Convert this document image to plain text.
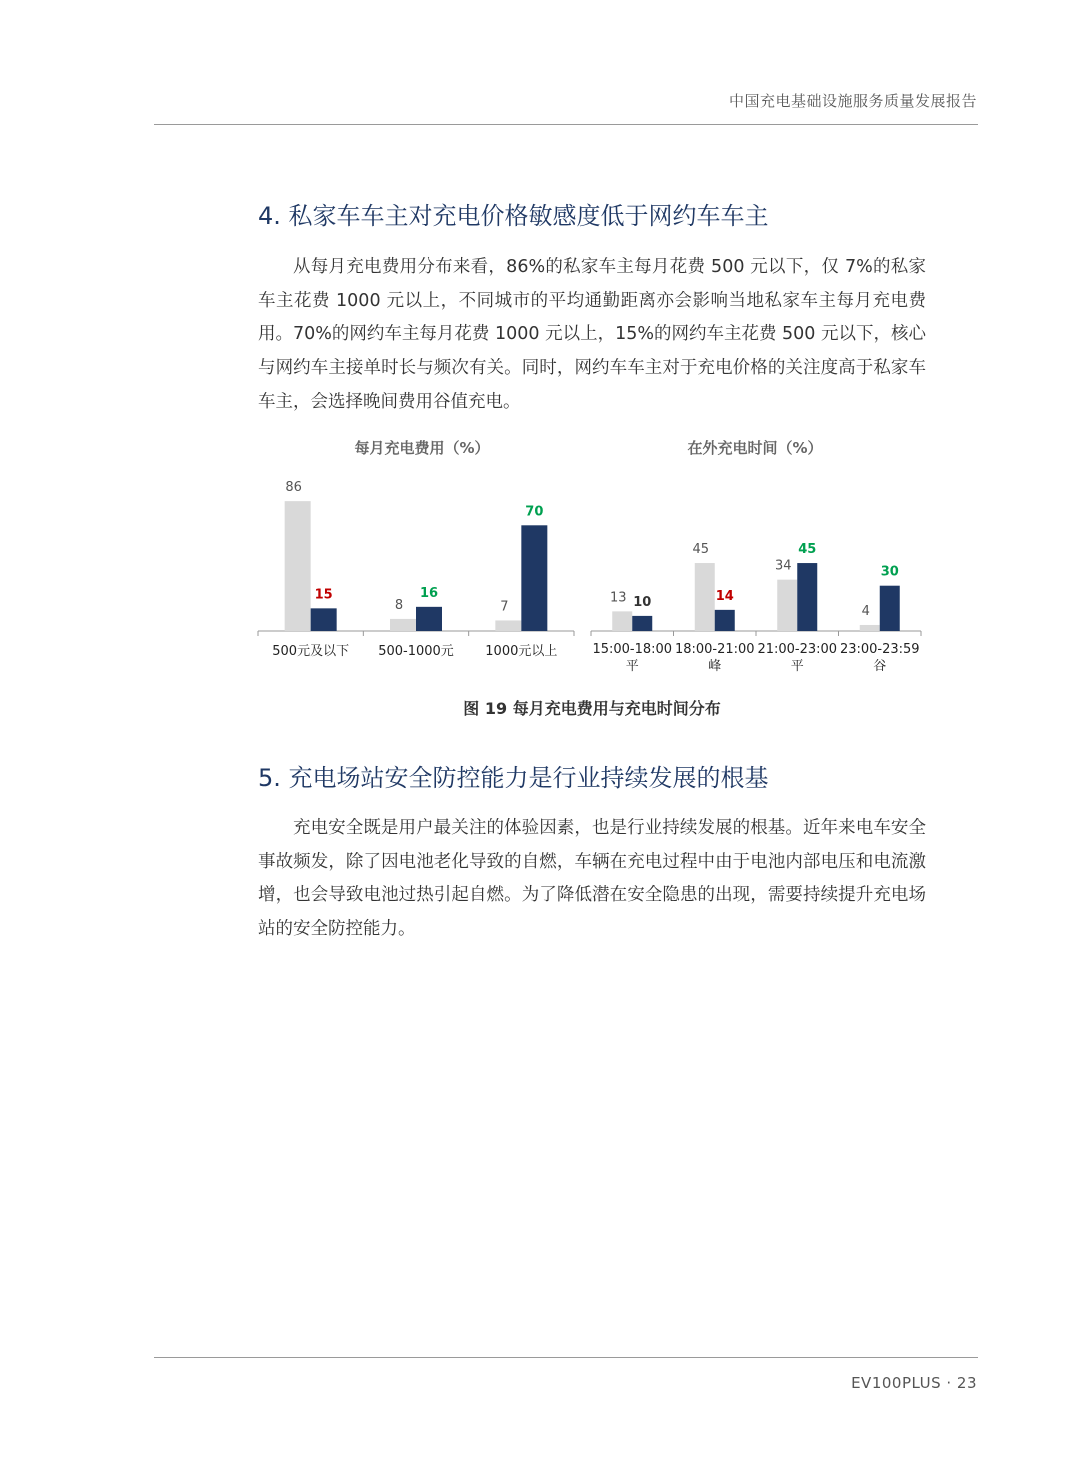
中国充电基础设施服务质量发展报告
4. 私家车车主对充电价格敏感度低于网约车车主

从每月充电费用分布来看，86%的私家车主每月花费 500 元以下，仅 7%的私家车主花费 1000 元以上，不同城市的平均通勤距离亦会影响当地私家车主每月充电费用。70%的网约车主每月花费 1000 元以上，15%的网约车主花费 500 元以下，核心与网约车主接单时长与频次有关。同时，网约车车主对于充电价格的关注度高于私家车车主，会选择晚间费用谷值充电。

每月充电费用（%）	在外充电时间（%）
86
15
500元及以下
8
16
500-1000元
7
70
1000元以上
13 10
15:00-18:00
平
45
14
18:00-21:00
峰
34
45
21:00-23:00
平
4
30
23:00-23:59
谷
图 19 每月充电费用与充电时间分布
5. 充电场站安全防控能力是行业持续发展的根基

充电安全既是用户最关注的体验因素，也是行业持续发展的根基。近年来电车安全事故频发，除了因电池老化导致的自燃，车辆在充电过程中由于电池内部电压和电流激增，也会导致电池过热引起自燃。为了降低潜在安全隐患的出现，需要持续提升充电场站的安全防控能力。

EV100PLUS · 23
